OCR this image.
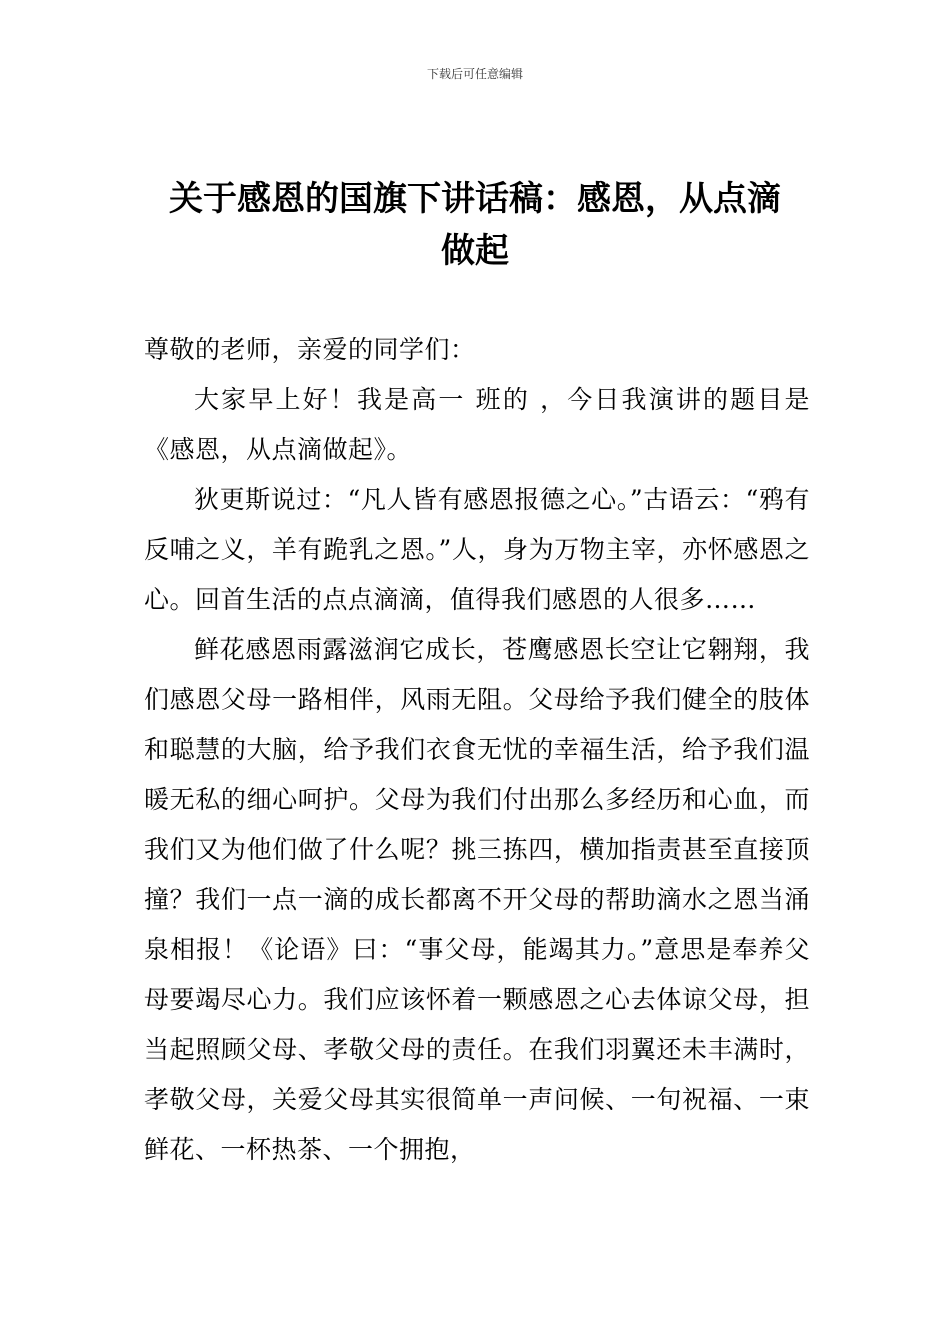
下载后可任意编辑
关于感恩的国旗下讲话稿：感恩，从点滴
做起

尊敬的老师，亲爱的同学们：

大家早上好！我是高一 班的 ，今日我演讲的题目是《感恩，从点滴做起》。

狄更斯说过：“凡人皆有感恩报德之心。”古语云：“鸦有反哺之义，羊有跪乳之恩。”人，身为万物主宰，亦怀感恩之心。回首生活的点点滴滴，值得我们感恩的人很多……

鲜花感恩雨露滋润它成长，苍鹰感恩长空让它翱翔，我们感恩父母一路相伴，风雨无阻。父母给予我们健全的肢体和聪慧的大脑，给予我们衣食无忧的幸福生活，给予我们温暖无私的细心呵护。父母为我们付出那么多经历和心血，而我们又为他们做了什么呢？挑三拣四，横加指责甚至直接顶撞？我们一点一滴的成长都离不开父母的帮助滴水之恩当涌泉相报！《论语》曰：“事父母，能竭其力。”意思是奉养父母要竭尽心力。我们应该怀着一颗感恩之心去体谅父母，担当起照顾父母、孝敬父母的责任。在我们羽翼还未丰满时，孝敬父母，关爱父母其实很简单一声问候、一句祝福、一束鲜花、一杯热茶、一个拥抱，
